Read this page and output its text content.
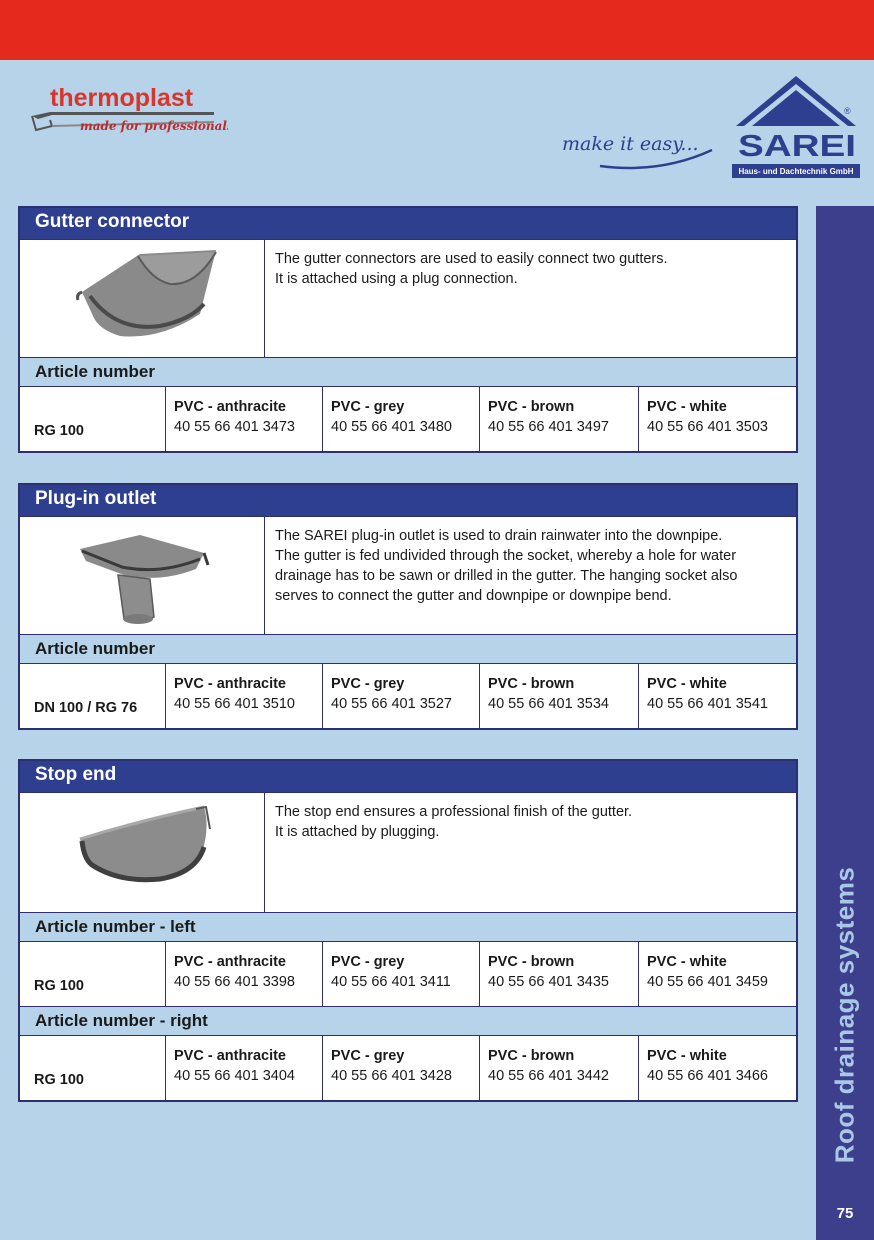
thermoplast
made for professionals
make it easy...
®
SAREI
Haus- und Dachtechnik GmbH
Roof drainage systems
75
Gutter connector

The gutter connectors are used to easily connect two gutters.

It is attached using a plug connection.

Article number
RG 100
PVC - anthracite
40 55 66 401 3473
PVC - grey
40 55 66 401 3480
PVC - brown
40 55 66 401 3497
PVC - white
40 55 66 401 3503
Plug-in outlet

The SAREI plug-in outlet is used to drain rainwater into the downpipe.

The gutter is fed undivided through the socket, whereby a hole for water

drainage has to be sawn or drilled in the gutter. The hanging socket also

serves to connect the gutter and downpipe or downpipe bend.

Article number
DN 100 / RG 76
PVC - anthracite
40 55 66 401 3510
PVC - grey
40 55 66 401 3527
PVC - brown
40 55 66 401 3534
PVC - white
40 55 66 401 3541
Stop end

The stop end ensures a professional finish of the gutter.

It is attached by plugging.

Article number - left
RG 100
PVC - anthracite
40 55 66 401 3398
PVC - grey
40 55 66 401 3411
PVC - brown
40 55 66 401 3435
PVC - white
40 55 66 401 3459
Article number - right
RG 100
PVC - anthracite
40 55 66 401 3404
PVC - grey
40 55 66 401 3428
PVC - brown
40 55 66 401 3442
PVC - white
40 55 66 401 3466
